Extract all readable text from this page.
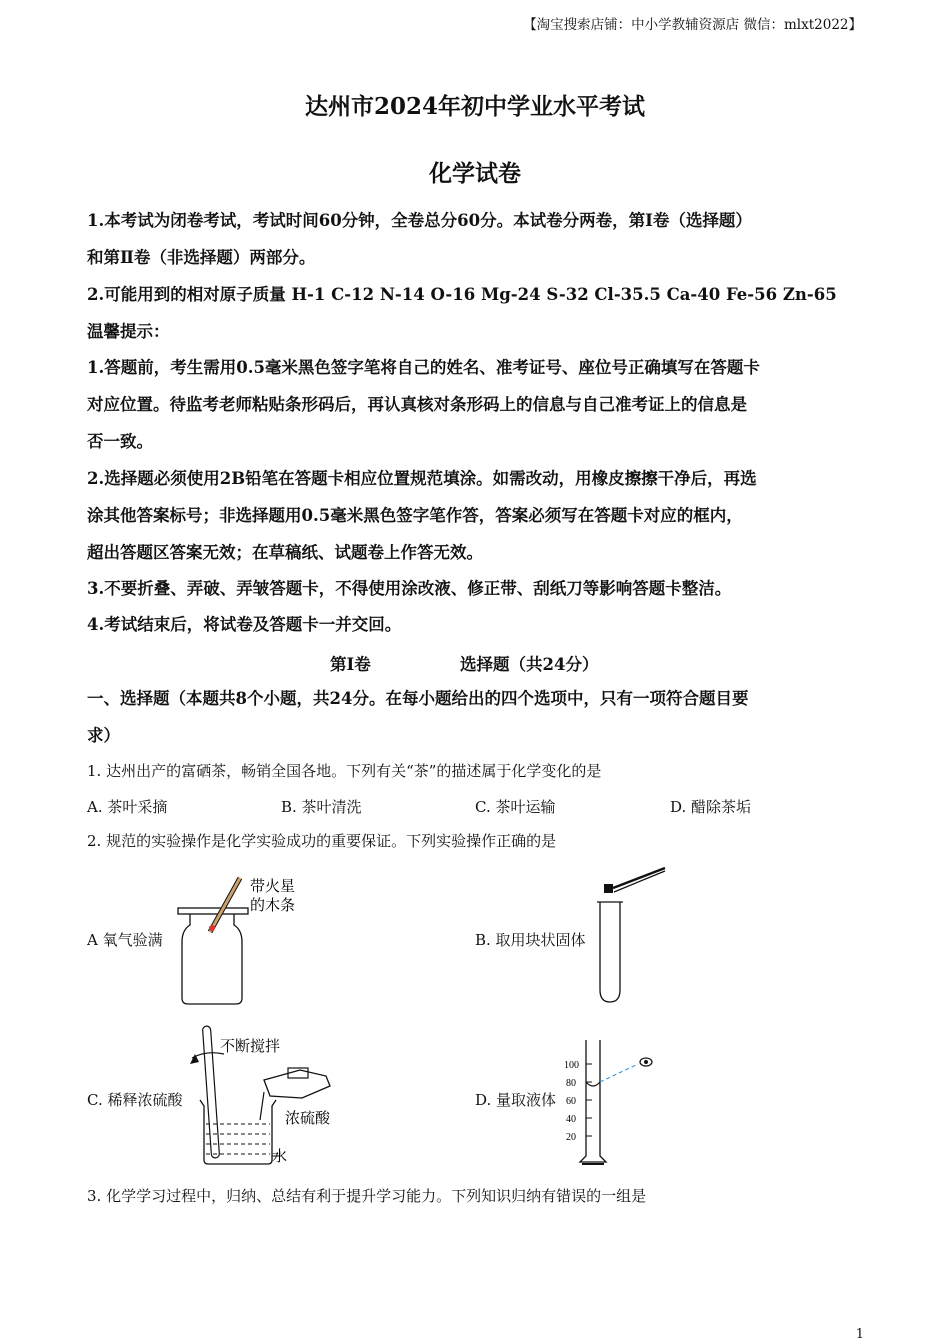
【淘宝搜索店铺：中小学教辅资源店 微信：mlxt2022】
达州市2024年初中学业水平考试
化学试卷
1.本考试为闭卷考试，考试时间60分钟，全卷总分60分。本试卷分两卷，第I卷（选择题）
和第Ⅱ卷（非选择题）两部分。
2.可能用到的相对原子质量 H-1 C-12 N-14 O-16 Mg-24 S-32 Cl-35.5 Ca-40 Fe-56 Zn-65
温馨提示：
1.答题前，考生需用0.5毫米黑色签字笔将自己的姓名、准考证号、座位号正确填写在答题卡
对应位置。待监考老师粘贴条形码后，再认真核对条形码上的信息与自己准考证上的信息是
否一致。
2.选择题必须使用2B铅笔在答题卡相应位置规范填涂。如需改动，用橡皮擦擦干净后，再选
涂其他答案标号；非选择题用0.5毫米黑色签字笔作答，答案必须写在答题卡对应的框内，
超出答题区答案无效；在草稿纸、试题卷上作答无效。
3.不要折叠、弄破、弄皱答题卡，不得使用涂改液、修正带、刮纸刀等影响答题卡整洁。
4.考试结束后，将试卷及答题卡一并交回。
第I卷	选择题（共24分）
一、选择题（本题共8个小题，共24分。在每小题给出的四个选项中，只有一项符合题目要
求）
1. 达州出产的富硒茶，畅销全国各地。下列有关“茶”的描述属于化学变化的是
A. 茶叶采摘	B. 茶叶清洗	C. 茶叶运输	D. 醋除茶垢
2. 规范的实验操作是化学实验成功的重要保证。下列实验操作正确的是
A 氧气验满
带火星
的木条
B. 取用块状固体
C. 稀释浓硫酸
不断搅拌
浓硫酸
水
D. 量取液体
100
80
60
40
20
3. 化学学习过程中，归纳、总结有利于提升学习能力。下列知识归纳有错误的一组是
1
